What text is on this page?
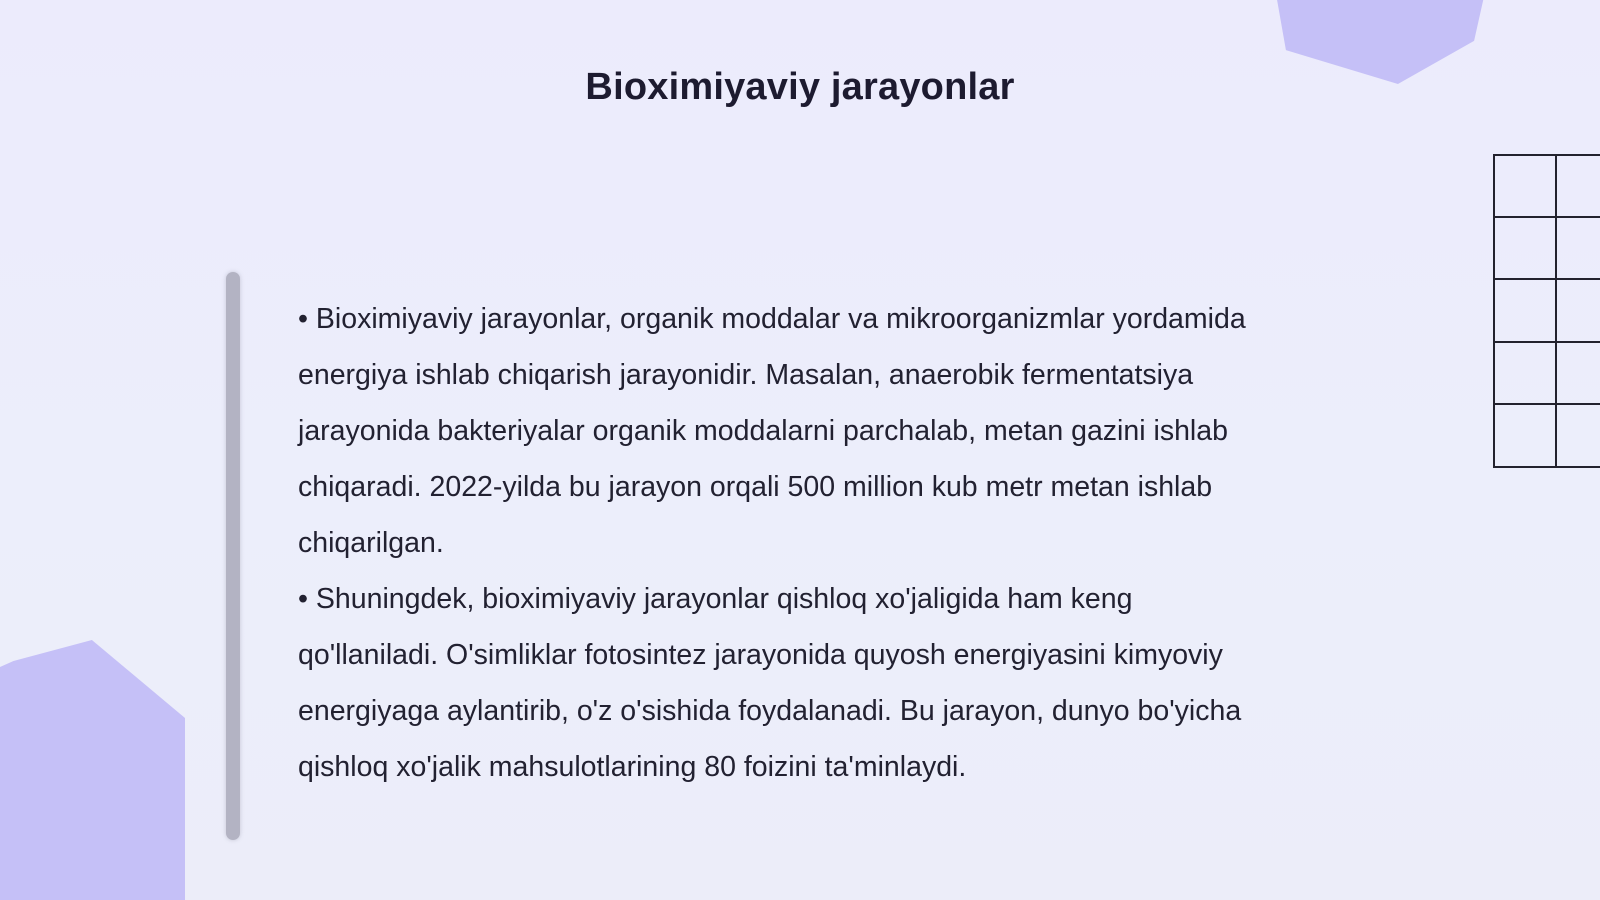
Bioximiyaviy jarayonlar

• Bioximiyaviy jarayonlar, organik moddalar va mikroorganizmlar yordamida energiya ishlab chiqarish jarayonidir. Masalan, anaerobik fermentatsiya jarayonida bakteriyalar organik moddalarni parchalab, metan gazini ishlab chiqaradi. 2022-yilda bu jarayon orqali 500 million kub metr metan ishlab chiqarilgan.

• Shuningdek, bioximiyaviy jarayonlar qishloq xo'jaligida ham keng qo'llaniladi. O'simliklar fotosintez jarayonida quyosh energiyasini kimyoviy energiyaga aylantirib, o'z o'sishida foydalanadi. Bu jarayon, dunyo bo'yicha qishloq xo'jalik mahsulotlarining 80 foizini ta'minlaydi.
